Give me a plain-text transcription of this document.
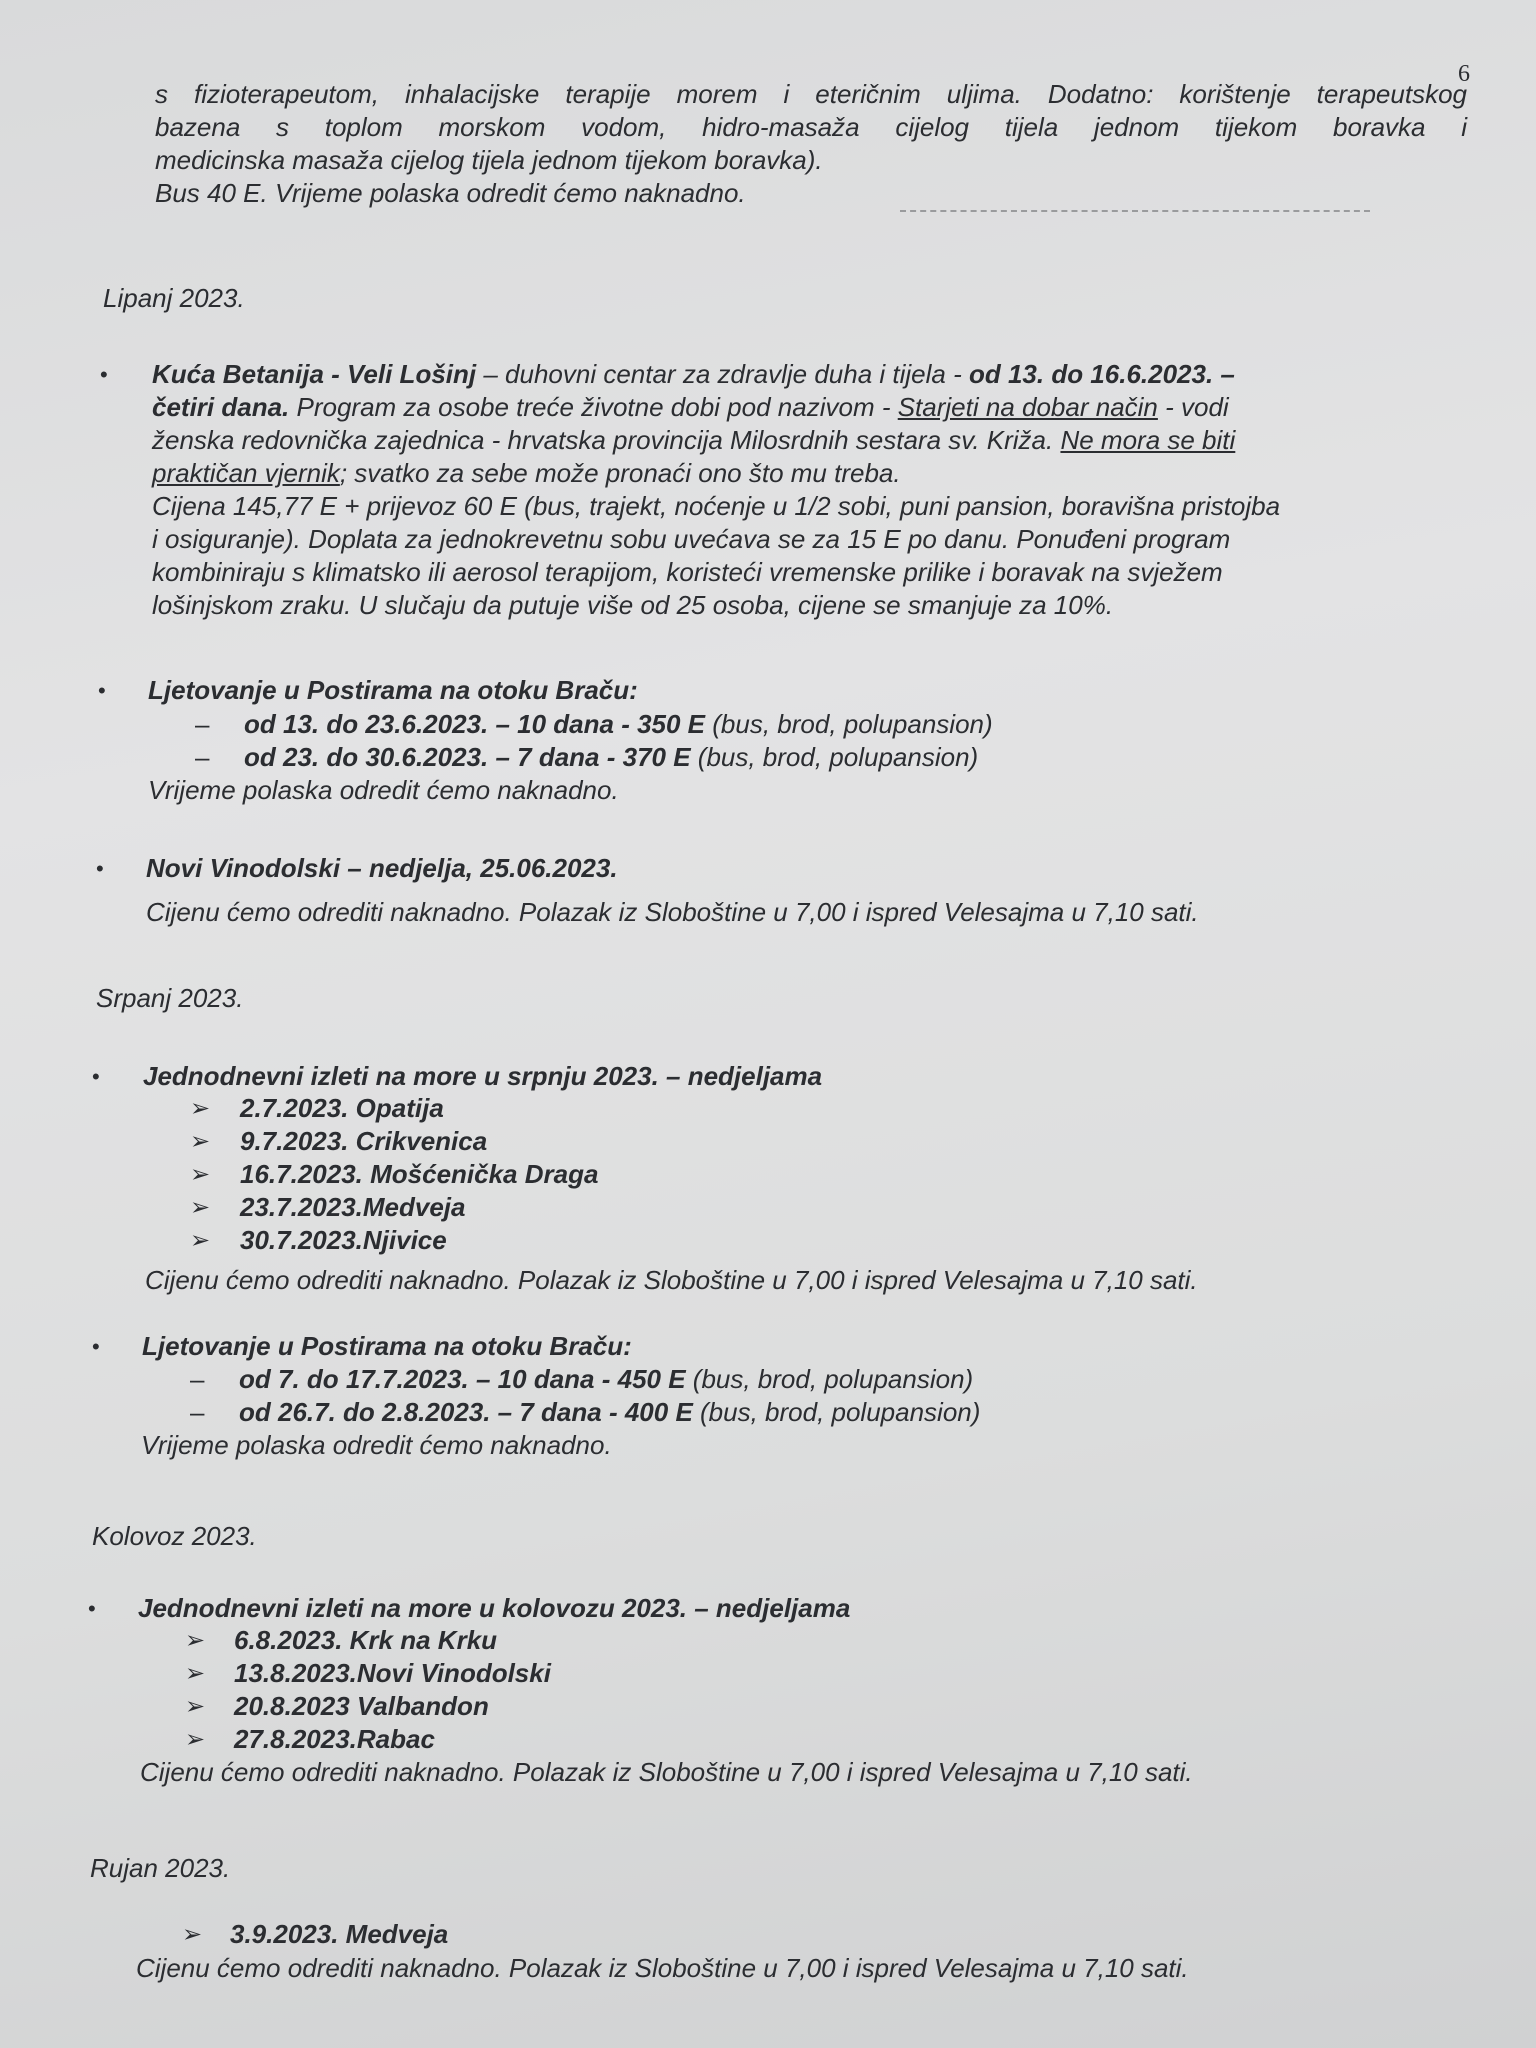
6
s fizioterapeutom, inhalacijske terapije morem i eteričnim uljima. Dodatno: korištenje terapeutskog
bazena s toplom morskom vodom, hidro-masaža cijelog tijela jednom tijekom boravka i
medicinska masaža cijelog tijela jednom tijekom boravka).
Bus 40 E. Vrijeme polaska odredit ćemo naknadno.
Lipanj 2023.
• Kuća Betanija - Veli Lošinj – duhovni centar za zdravlje duha i tijela - od 13. do 16.6.2023. –
četiri dana. Program za osobe treće životne dobi pod nazivom - Starjeti na dobar način - vodi
ženska redovnička zajednica - hrvatska provincija Milosrdnih sestara sv. Križa. Ne mora se biti
praktičan vjernik; svatko za sebe može pronaći ono što mu treba.
Cijena 145,77 E + prijevoz 60 E (bus, trajekt, noćenje u 1/2 sobi, puni pansion, boravišna pristojba
i osiguranje). Doplata za jednokrevetnu sobu uvećava se za 15 E po danu. Ponuđeni program
kombiniraju s klimatsko ili aerosol terapijom, koristeći vremenske prilike i boravak na svježem
lošinjskom zraku. U slučaju da putuje više od 25 osoba, cijene se smanjuje za 10%.
• Ljetovanje u Postirama na otoku Braču:
– od 13. do 23.6.2023. – 10 dana - 350 E (bus, brod, polupansion)
– od 23. do 30.6.2023. – 7 dana - 370 E (bus, brod, polupansion)
Vrijeme polaska odredit ćemo naknadno.
• Novi Vinodolski – nedjelja, 25.06.2023.
Cijenu ćemo odrediti naknadno. Polazak iz Sloboštine u 7,00 i ispred Velesajma u 7,10 sati.
Srpanj 2023.
• Jednodnevni izleti na more u srpnju 2023. – nedjeljama
➢ 2.7.2023. Opatija
➢ 9.7.2023. Crikvenica
➢ 16.7.2023. Mošćenička Draga
➢ 23.7.2023.Medveja
➢ 30.7.2023.Njivice
Cijenu ćemo odrediti naknadno. Polazak iz Sloboštine u 7,00 i ispred Velesajma u 7,10 sati.
• Ljetovanje u Postirama na otoku Braču:
– od 7. do 17.7.2023. – 10 dana - 450 E (bus, brod, polupansion)
– od 26.7. do 2.8.2023. – 7 dana - 400 E (bus, brod, polupansion)
Vrijeme polaska odredit ćemo naknadno.
Kolovoz 2023.
• Jednodnevni izleti na more u kolovozu 2023. – nedjeljama
➢ 6.8.2023. Krk na Krku
➢ 13.8.2023.Novi Vinodolski
➢ 20.8.2023 Valbandon
➢ 27.8.2023.Rabac
Cijenu ćemo odrediti naknadno. Polazak iz Sloboštine u 7,00 i ispred Velesajma u 7,10 sati.
Rujan 2023.
➢ 3.9.2023. Medveja
Cijenu ćemo odrediti naknadno. Polazak iz Sloboštine u 7,00 i ispred Velesajma u 7,10 sati.
